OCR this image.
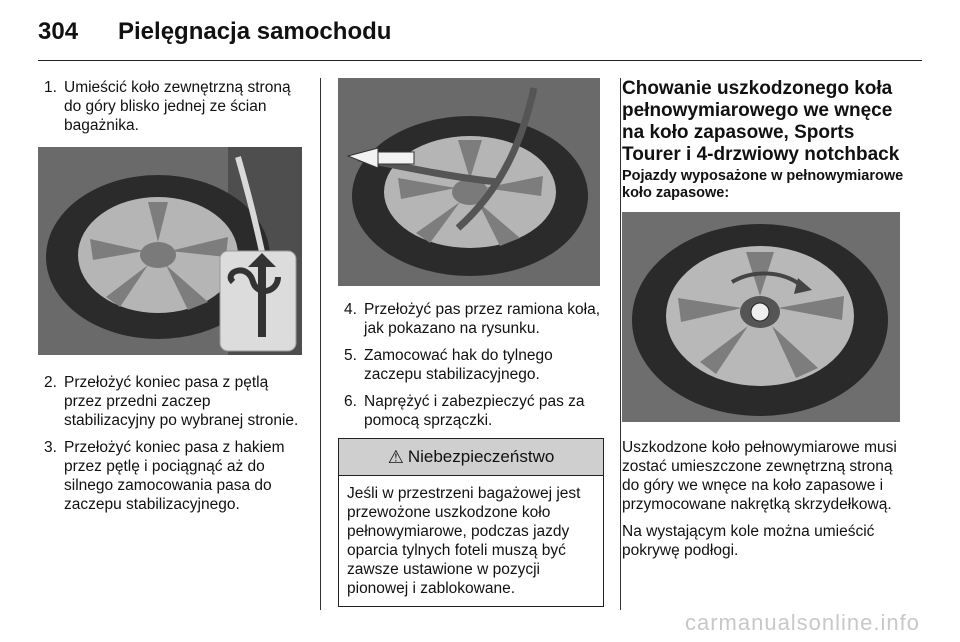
304 Pielęgnacja samochodu
1. Umieścić koło zewnętrzną stroną do góry blisko jednej ze ścian bagażnika.
2. Przełożyć koniec pasa z pętlą przez przedni zaczep stabilizacyjny po wybranej stronie.
3. Przełożyć koniec pasa z hakiem przez pętlę i pociągnąć aż do silnego zamocowania pasa do zaczepu stabilizacyjnego.
4. Przełożyć pas przez ramiona koła, jak pokazano na rysunku.
5. Zamocować hak do tylnego zaczepu stabilizacyjnego.
6. Naprężyć i zabezpieczyć pas za pomocą sprzączki.
⚠ Niebezpieczeństwo
Jeśli w przestrzeni bagażowej jest przewożone uszkodzone koło pełnowymiarowe, podczas jazdy oparcia tylnych foteli muszą być zawsze ustawione w pozycji pionowej i zablokowane.
Chowanie uszkodzonego koła pełnowymiarowego we wnęce na koło zapasowe, Sports Tourer i 4-drzwiowy notchback
Pojazdy wyposażone w pełnowymiarowe koło zapasowe:

Uszkodzone koło pełnowymiarowe musi zostać umieszczone zewnętrzną stroną do góry we wnęce na koło zapasowe i przymocowane nakrętką skrzydełkową.

Na wystającym kole można umieścić pokrywę podłogi.

carmanualsonline.info
